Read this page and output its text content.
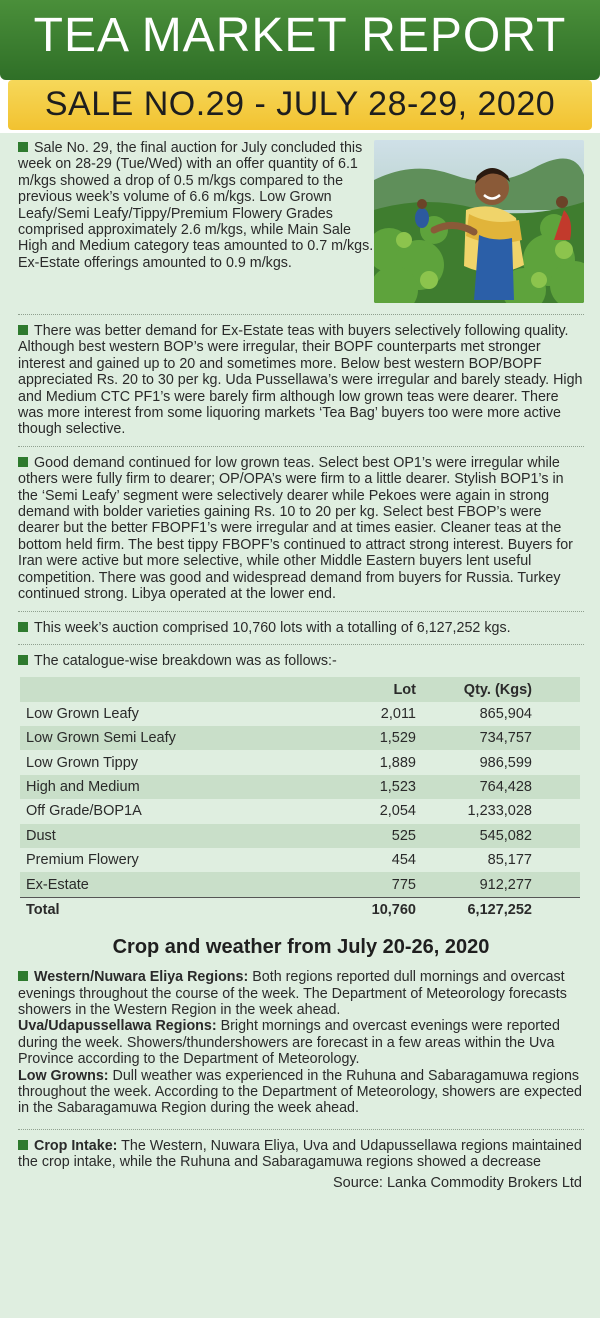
TEA MARKET REPORT
SALE NO.29 - JULY 28-29, 2020

Sale No. 29, the final auction for July concluded this week on 28-29 (Tue/Wed) with an offer quantity of 6.1 m/kgs showed a drop of 0.5 m/kgs compared to the previous week’s volume of 6.6 m/kgs. Low Grown Leafy/Semi Leafy/Tippy/Premium Flowery Grades comprised approximately 2.6 m/kgs, while Main Sale High and Medium category teas amounted to 0.7 m/kgs. Ex-Estate offerings amounted to 0.9 m/kgs.

There was better demand for Ex-Estate teas with buyers selectively following quality. Although best western BOP’s were irregular, their BOPF counterparts met stronger interest and gained up to 20 and sometimes more. Below best western BOP/BOPF appreciated Rs. 20 to 30 per kg. Uda Pussellawa’s were irregular and barely steady. High and Medium CTC PF1’s were barely firm although low grown teas were dearer. There was more interest from some liquoring markets ‘Tea Bag’ buyers too were more active though selective.

Good demand continued for low grown teas. Select best OP1’s were irregular while others were fully firm to dearer; OP/OPA’s were firm to a little dearer. Stylish BOP1’s in the ‘Semi Leafy’ segment were selectively dearer while Pekoes were again in strong demand with bolder varieties gaining Rs. 10 to 20 per kg. Select best FBOP’s were dearer but the better FBOPF1’s were irregular and at times easier. Cleaner teas at the bottom held firm. The best tippy FBOPF’s continued to attract strong interest. Buyers for Iran were active but more selective, while other Middle Eastern buyers lent useful competition. There was good and widespread demand from buyers for Russia. Turkey continued strong. Libya operated at the lower end.

This week’s auction comprised 10,760 lots with a totalling of 6,127,252 kgs.

The catalogue-wise breakdown was as follows:-

	Lot	Qty. (Kgs)
Low Grown Leafy	2,011	865,904
Low Grown Semi Leafy	1,529	734,757
Low Grown Tippy	1,889	986,599
High and Medium	1,523	764,428
Off Grade/BOP1A	2,054	1,233,028
Dust	525	545,082
Premium Flowery	454	85,177
Ex-Estate	775	912,277
Total	10,760	6,127,252
Crop and weather from July 20-26, 2020

Western/Nuwara Eliya Regions: Both regions reported dull mornings and overcast evenings throughout the course of the week. The Department of Meteorology forecasts showers in the Western Region in the week ahead.
Uva/Udapussellawa Regions: Bright mornings and overcast evenings were reported during the week. Showers/thundershowers are forecast in a few areas within the Uva Province according to the Department of Meteorology.
Low Growns: Dull weather was experienced in the Ruhuna and Sabaragamuwa regions throughout the week. According to the Department of Meteorology, showers are expected in the Sabaragamuwa Region during the week ahead.

Crop Intake: The Western, Nuwara Eliya, Uva and Udapussellawa regions maintained the crop intake, while the Ruhuna and Sabaragamuwa regions showed a decrease

Source: Lanka Commodity Brokers Ltd
